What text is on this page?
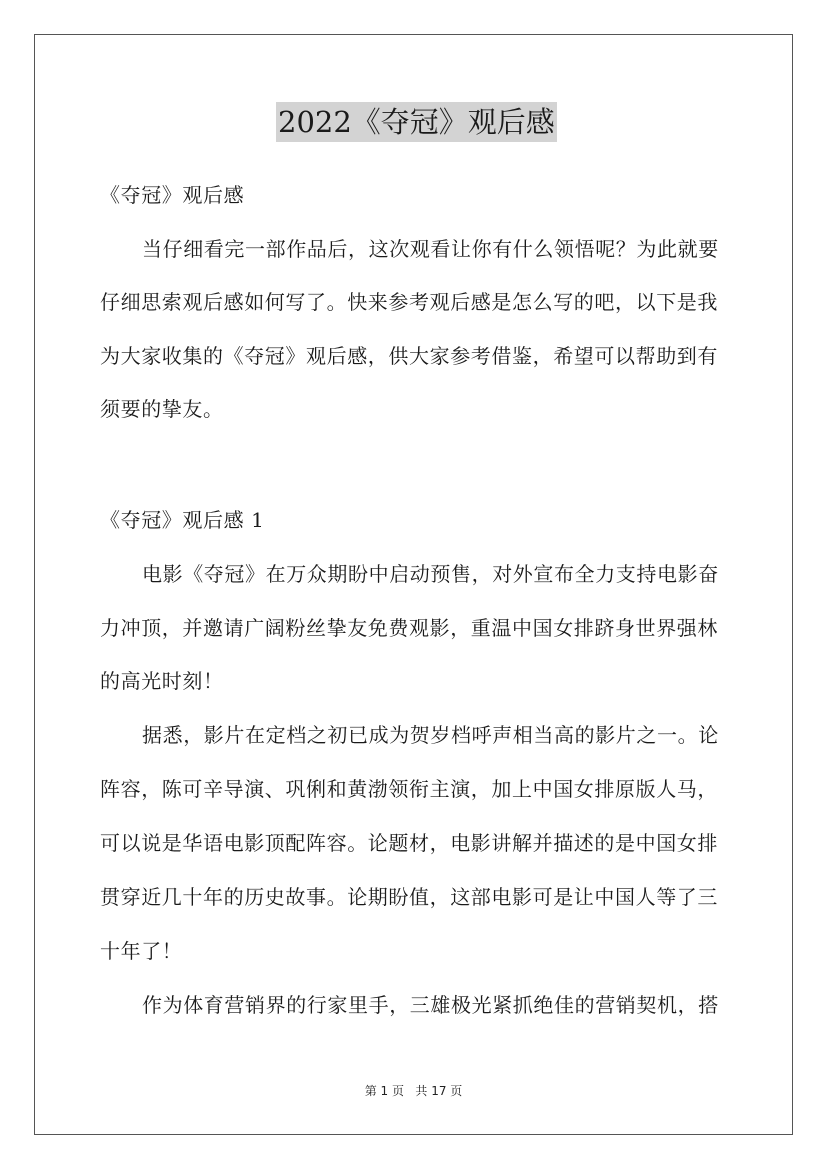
2022《夺冠》观后感
《夺冠》观后感
当仔细看完一部作品后，这次观看让你有什么领悟呢？为此就要
仔细思索观后感如何写了。快来参考观后感是怎么写的吧，以下是我
为大家收集的《夺冠》观后感，供大家参考借鉴，希望可以帮助到有
须要的挚友。
《夺冠》观后感 1
电影《夺冠》在万众期盼中启动预售，对外宣布全力支持电影奋
力冲顶，并邀请广阔粉丝挚友免费观影，重温中国女排跻身世界强林
的高光时刻！
据悉，影片在定档之初已成为贺岁档呼声相当高的影片之一。论
阵容，陈可辛导演、巩俐和黄渤领衔主演，加上中国女排原版人马，
可以说是华语电影顶配阵容。论题材，电影讲解并描述的是中国女排
贯穿近几十年的历史故事。论期盼值，这部电影可是让中国人等了三
十年了！
作为体育营销界的行家里手，三雄极光紧抓绝佳的营销契机，搭
第 1 页 共 17 页
